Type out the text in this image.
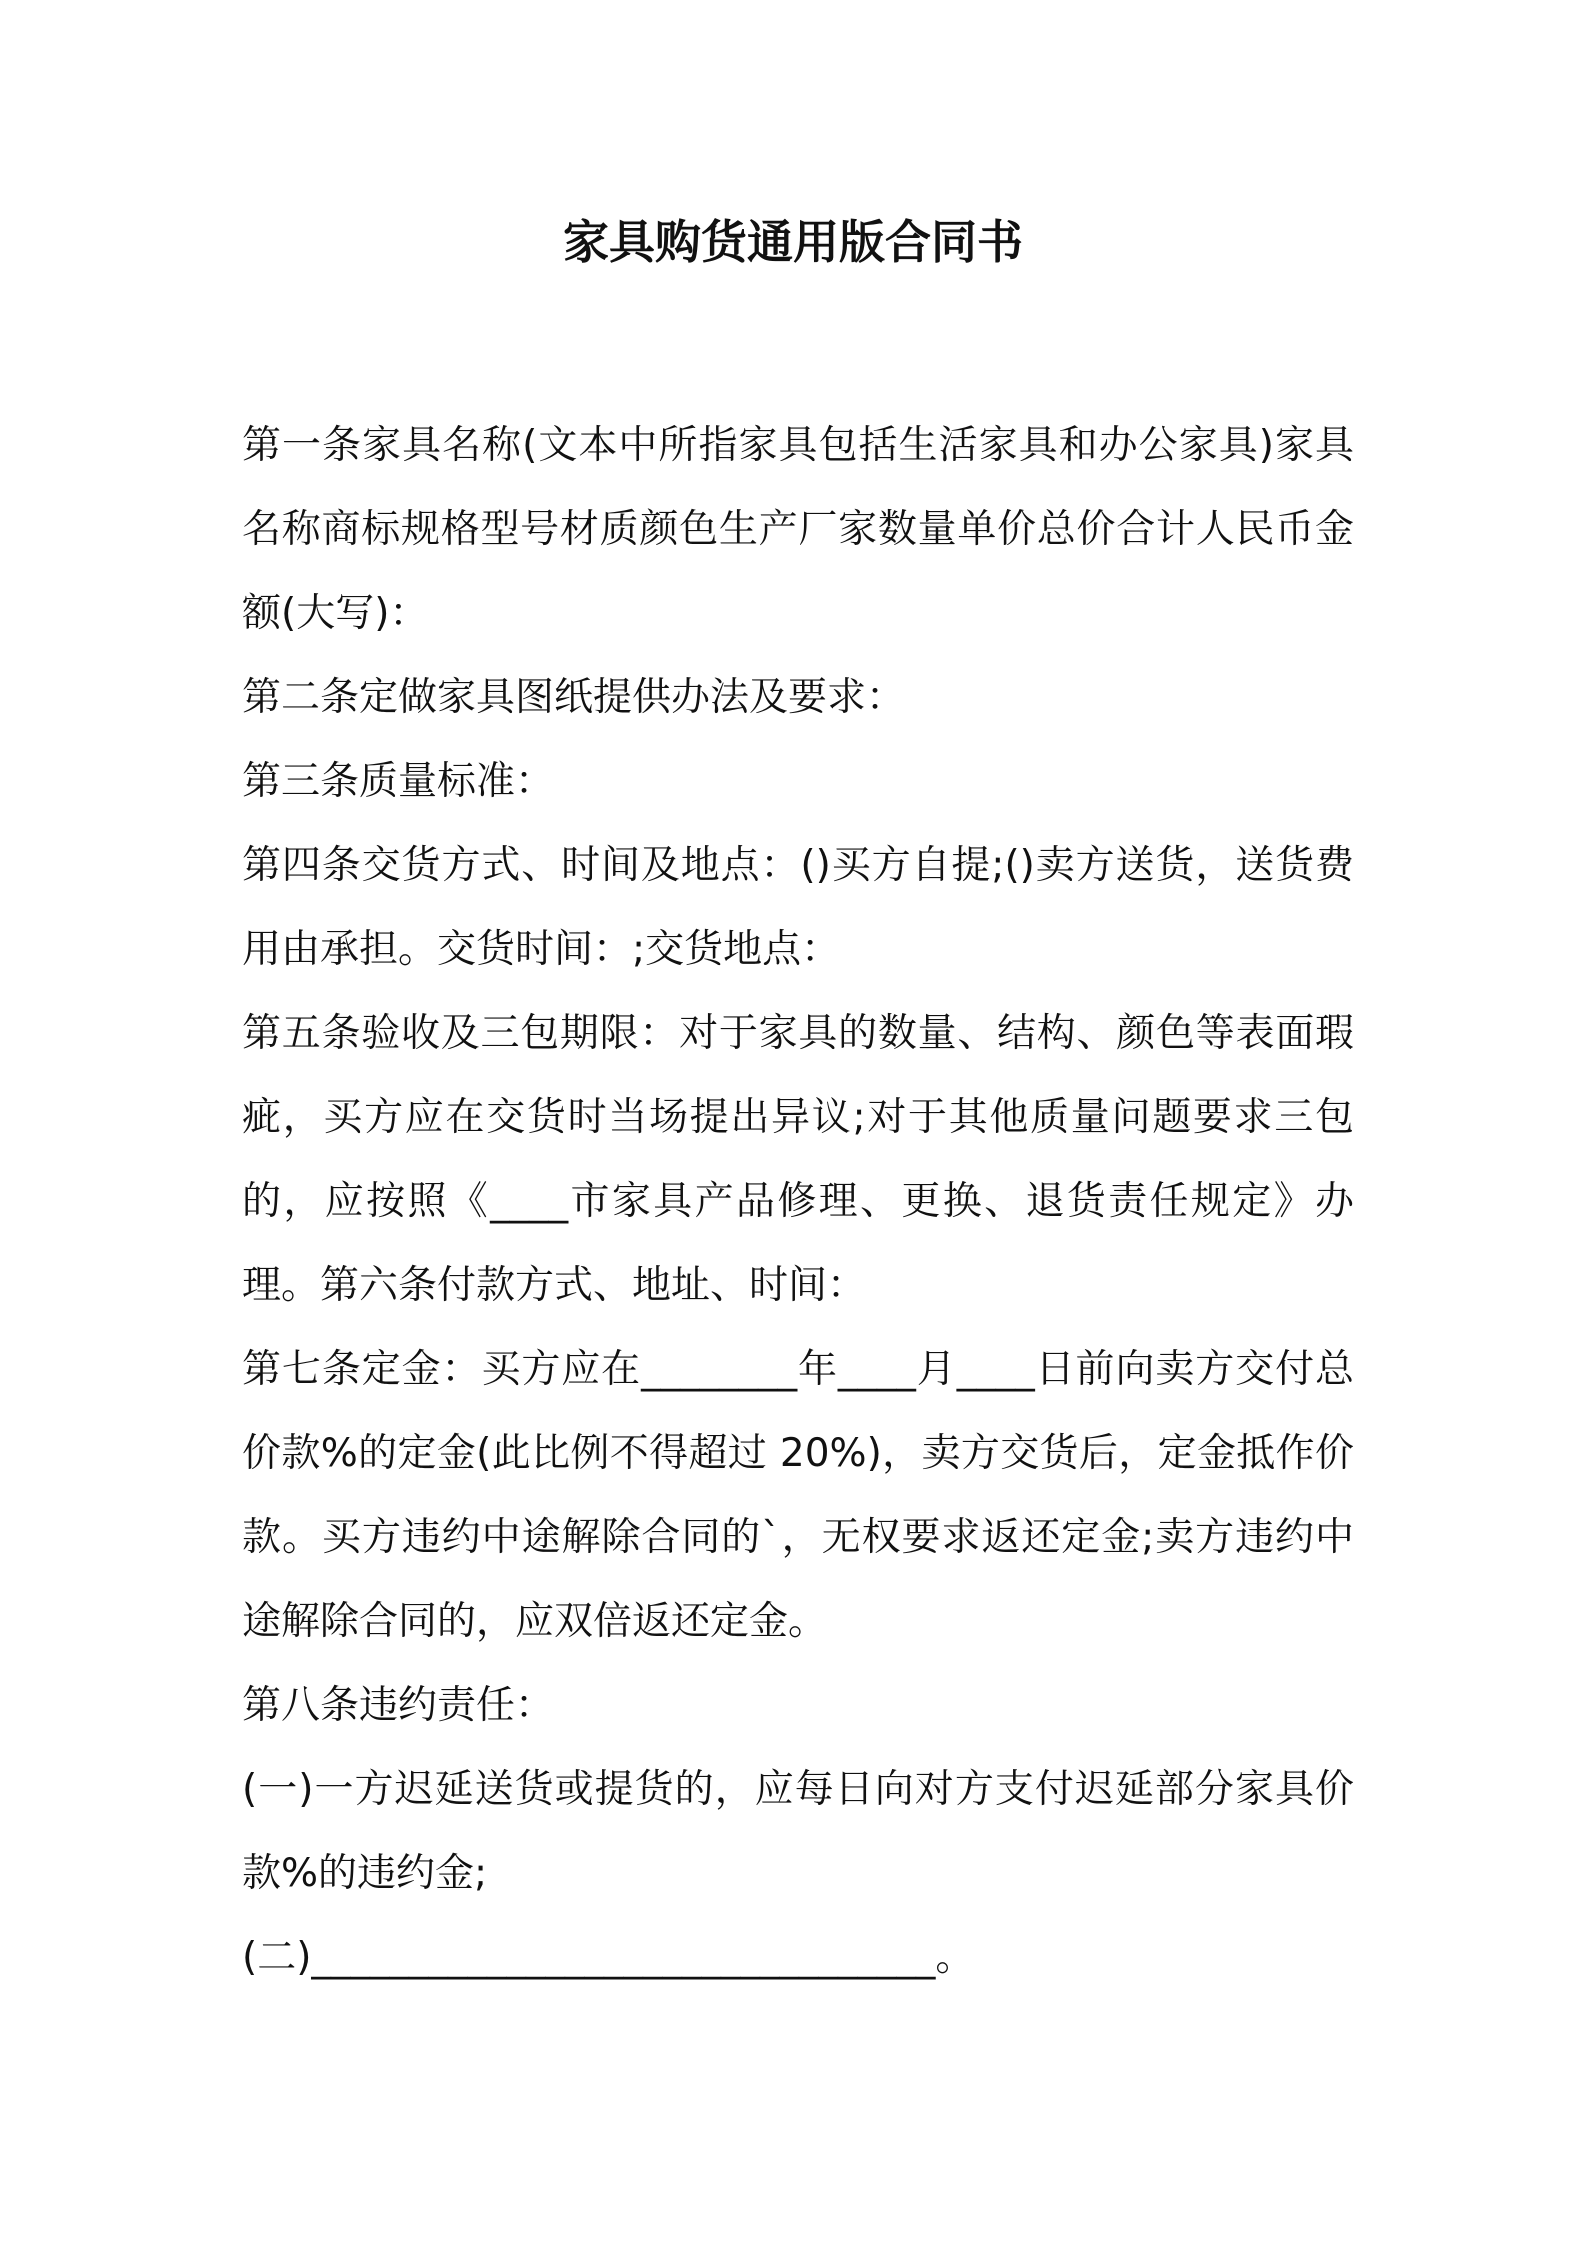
家具购货通用版合同书

第一条家具名称(文本中所指家具包括生活家具和办公家具)家具名称商标规格型号材质颜色生产厂家数量单价总价合计人民币金额(大写)：

第二条定做家具图纸提供办法及要求：

第三条质量标准：

第四条交货方式、时间及地点：()买方自提;()卖方送货，送货费用由承担。交货时间：;交货地点：

第五条验收及三包期限：对于家具的数量、结构、颜色等表面瑕疵，买方应在交货时当场提出异议;对于其他质量问题要求三包的，应按照《____市家具产品修理、更换、退货责任规定》办理。第六条付款方式、地址、时间：

第七条定金：买方应在________年____月____日前向卖方交付总价款%的定金(此比例不得超过 20%)，卖方交货后，定金抵作价款。买方违约中途解除合同的`，无权要求返还定金;卖方违约中途解除合同的，应双倍返还定金。

第八条违约责任：

(一)一方迟延送货或提货的，应每日向对方支付迟延部分家具价款%的违约金;

(二)________________________________。
